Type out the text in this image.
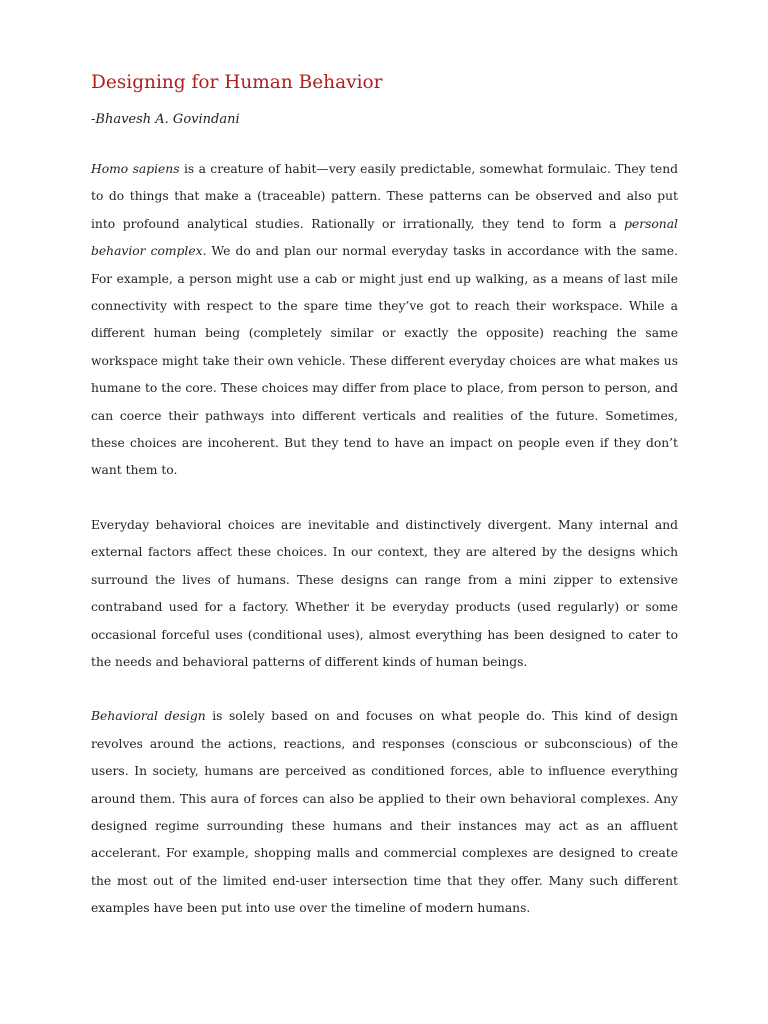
Designing for Human Behavior

-Bhavesh A. Govindani

Homo sapiens is a creature of habit—very easily predictable, somewhat formulaic. They tend to do things that make a (traceable) pattern. These patterns can be observed and also put into profound analytical studies. Rationally or irrationally, they tend to form a personal behavior complex. We do and plan our normal everyday tasks in accordance with the same. For example, a person might use a cab or might just end up walking, as a means of last mile connectivity with respect to the spare time they’ve got to reach their workspace. While a different human being (completely similar or exactly the opposite) reaching the same workspace might take their own vehicle. These different everyday choices are what makes us humane to the core. These choices may differ from place to place, from person to person, and can coerce their pathways into different verticals and realities of the future. Sometimes, these choices are incoherent. But they tend to have an impact on people even if they don’t want them to.

Everyday behavioral choices are inevitable and distinctively divergent. Many internal and external factors affect these choices. In our context, they are altered by the designs which surround the lives of humans. These designs can range from a mini zipper to extensive contraband used for a factory. Whether it be everyday products (used regularly) or some occasional forceful uses (conditional uses), almost everything has been designed to cater to the needs and behavioral patterns of different kinds of human beings.

Behavioral design is solely based on and focuses on what people do. This kind of design revolves around the actions, reactions, and responses (conscious or subconscious) of the users. In society, humans are perceived as conditioned forces, able to influence everything around them. This aura of forces can also be applied to their own behavioral complexes. Any designed regime surrounding these humans and their instances may act as an affluent accelerant. For example, shopping malls and commercial complexes are designed to create the most out of the limited end-user intersection time that they offer. Many such different examples have been put into use over the timeline of modern humans.
